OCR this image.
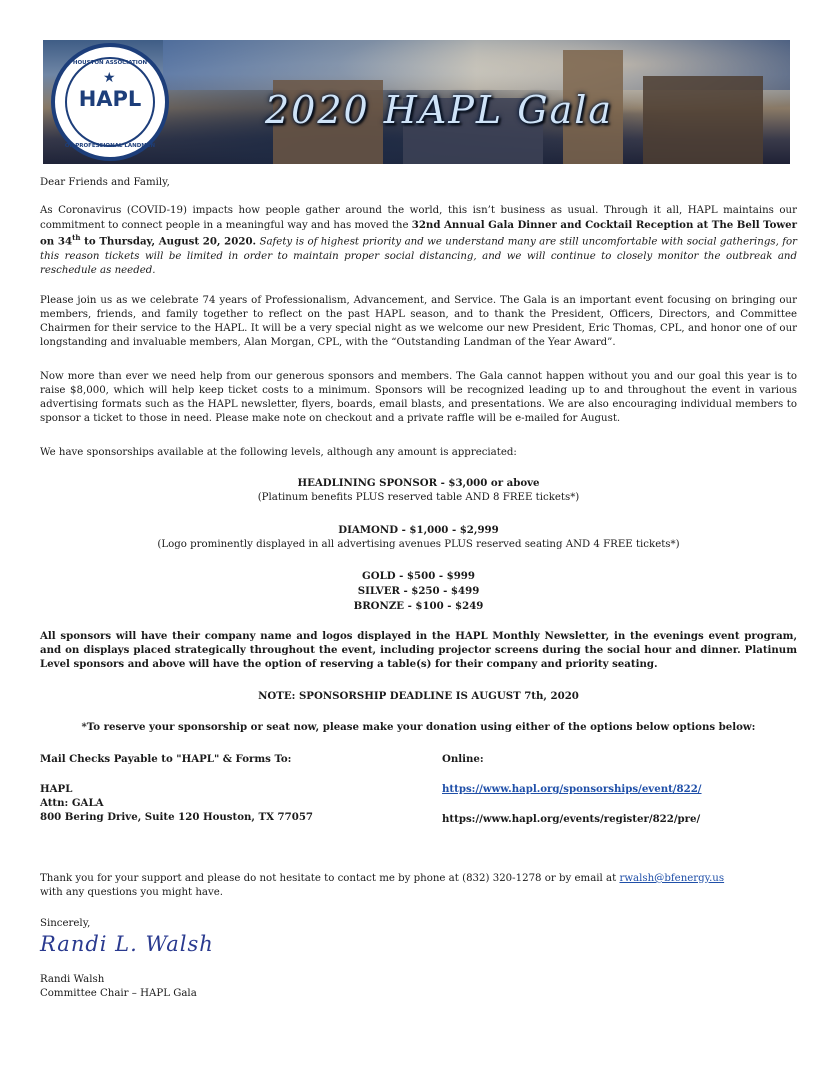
2020 HAPL Gala
HOUSTON ASSOCIATION
★
HAPL
OF PROFESSIONAL LANDMEN

Dear Friends and Family,

As Coronavirus (COVID-19) impacts how people gather around the world, this isn’t business as usual. Through it all, HAPL maintains our commitment to connect people in a meaningful way and has moved the 32nd Annual Gala Dinner and Cocktail Reception at The Bell Tower on 34th to Thursday, August 20, 2020. Safety is of highest priority and we understand many are still uncomfortable with social gatherings, for this reason tickets will be limited in order to maintain proper social distancing, and we will continue to closely monitor the outbreak and reschedule as needed.

Please join us as we celebrate 74 years of Professionalism, Advancement, and Service. The Gala is an important event focusing on bringing our members, friends, and family together to reflect on the past HAPL season, and to thank the President, Officers, Directors, and Committee Chairmen for their service to the HAPL. It will be a very special night as we welcome our new President, Eric Thomas, CPL, and honor one of our longstanding and invaluable members, Alan Morgan, CPL, with the “Outstanding Landman of the Year Award”.

Now more than ever we need help from our generous sponsors and members. The Gala cannot happen without you and our goal this year is to raise $8,000, which will help keep ticket costs to a minimum. Sponsors will be recognized leading up to and throughout the event in various advertising formats such as the HAPL newsletter, flyers, boards, email blasts, and presentations. We are also encouraging individual members to sponsor a ticket to those in need. Please make note on checkout and a private raffle will be e-mailed for August.

We have sponsorships available at the following levels, although any amount is appreciated:

HEADLINING SPONSOR - $3,000 or above
(Platinum benefits PLUS reserved table AND 8 FREE tickets*)

DIAMOND - $1,000 - $2,999
(Logo prominently displayed in all advertising avenues PLUS reserved seating AND 4 FREE tickets*)

GOLD - $500 - $999
SILVER - $250 - $499
BRONZE - $100 - $249

All sponsors will have their company name and logos displayed in the HAPL Monthly Newsletter, in the evenings event program, and on displays placed strategically throughout the event, including projector screens during the social hour and dinner. Platinum Level sponsors and above will have the option of reserving a table(s) for their company and priority seating.

NOTE: SPONSORSHIP DEADLINE IS AUGUST 7th, 2020

*To reserve your sponsorship or seat now, please make your donation using either of the options below options below:

Mail Checks Payable to "HAPL" & Forms To:	Online:

HAPL
Attn: GALA
800 Bering Drive, Suite 120 Houston, TX 77057

https://www.hapl.org/sponsorships/event/822/

https://www.hapl.org/events/register/822/pre/

Thank you for your support and please do not hesitate to contact me by phone at (832) 320-1278 or by email at rwalsh@bfenergy.us
with any questions you might have.

Sincerely,

Randi L. Walsh

Randi Walsh
Committee Chair – HAPL Gala
